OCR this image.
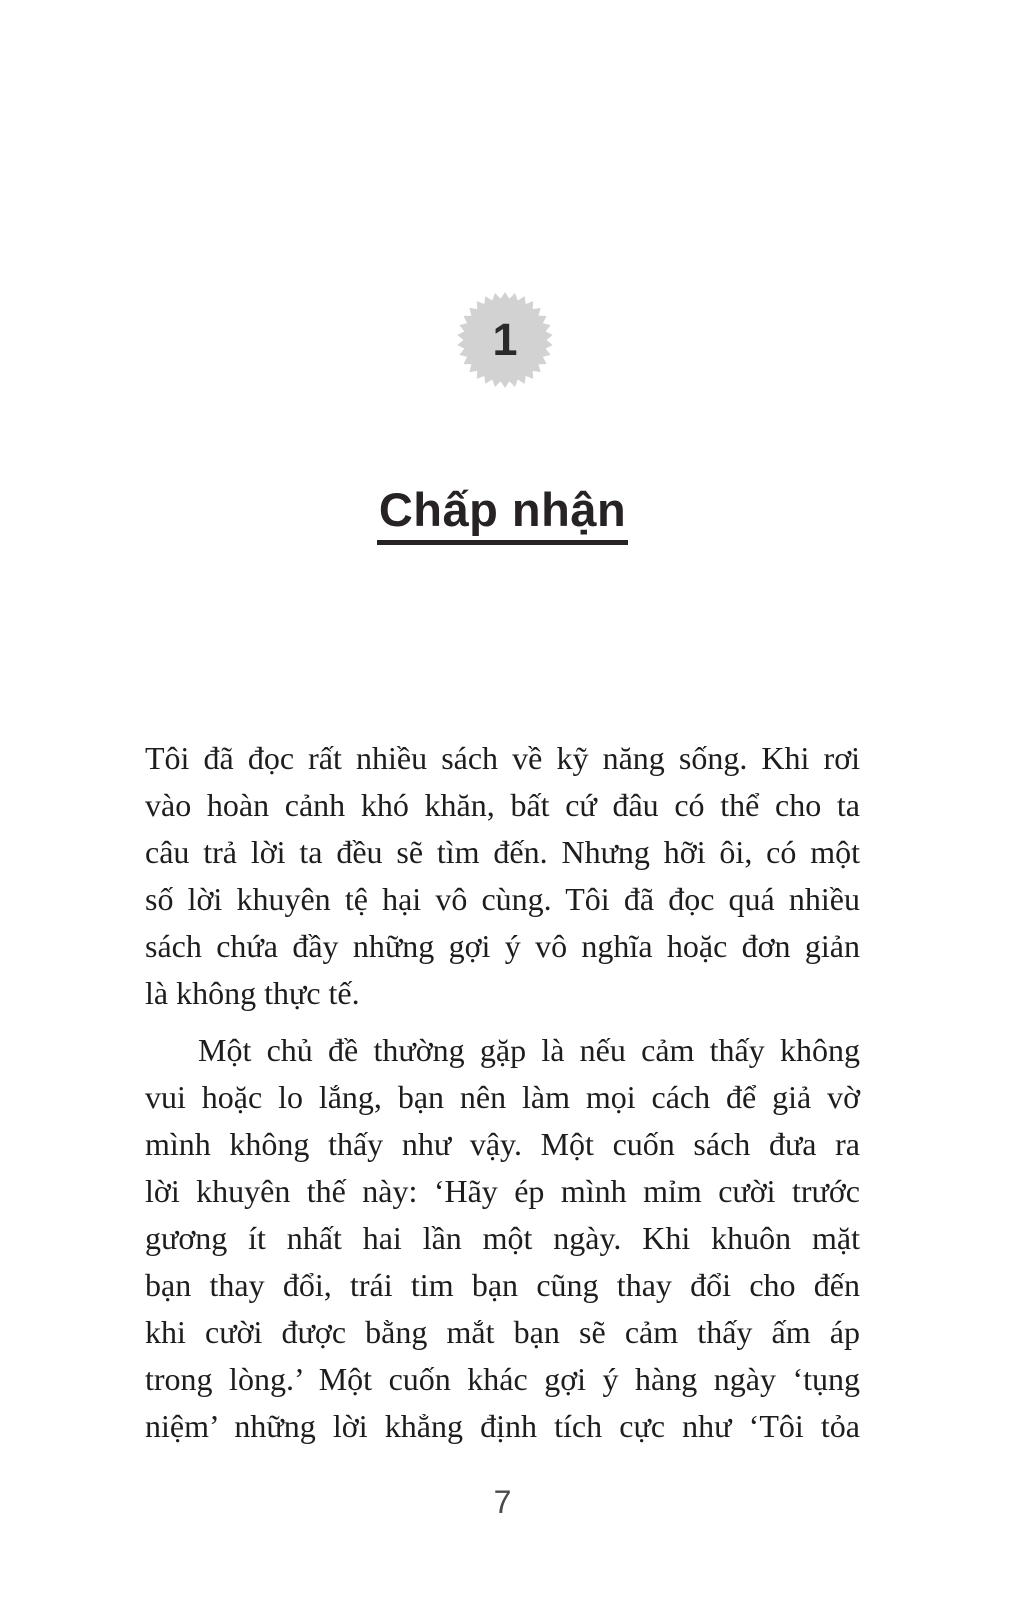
1
Chấp nhận
Tôi đã đọc rất nhiều sách về kỹ năng sống. Khi rơi
vào hoàn cảnh khó khăn, bất cứ đâu có thể cho ta
câu trả lời ta đều sẽ tìm đến. Nhưng hỡi ôi, có một
số lời khuyên tệ hại vô cùng. Tôi đã đọc quá nhiều
sách chứa đầy những gợi ý vô nghĩa hoặc đơn giản
là không thực tế.
Một chủ đề thường gặp là nếu cảm thấy không
vui hoặc lo lắng, bạn nên làm mọi cách để giả vờ
mình không thấy như vậy. Một cuốn sách đưa ra
lời khuyên thế này: ‘Hãy ép mình mỉm cười trước
gương ít nhất hai lần một ngày. Khi khuôn mặt
bạn thay đổi, trái tim bạn cũng thay đổi cho đến
khi cười được bằng mắt bạn sẽ cảm thấy ấm áp
trong lòng.’ Một cuốn khác gợi ý hàng ngày ‘tụng
niệm’ những lời khẳng định tích cực như ‘Tôi tỏa
7
